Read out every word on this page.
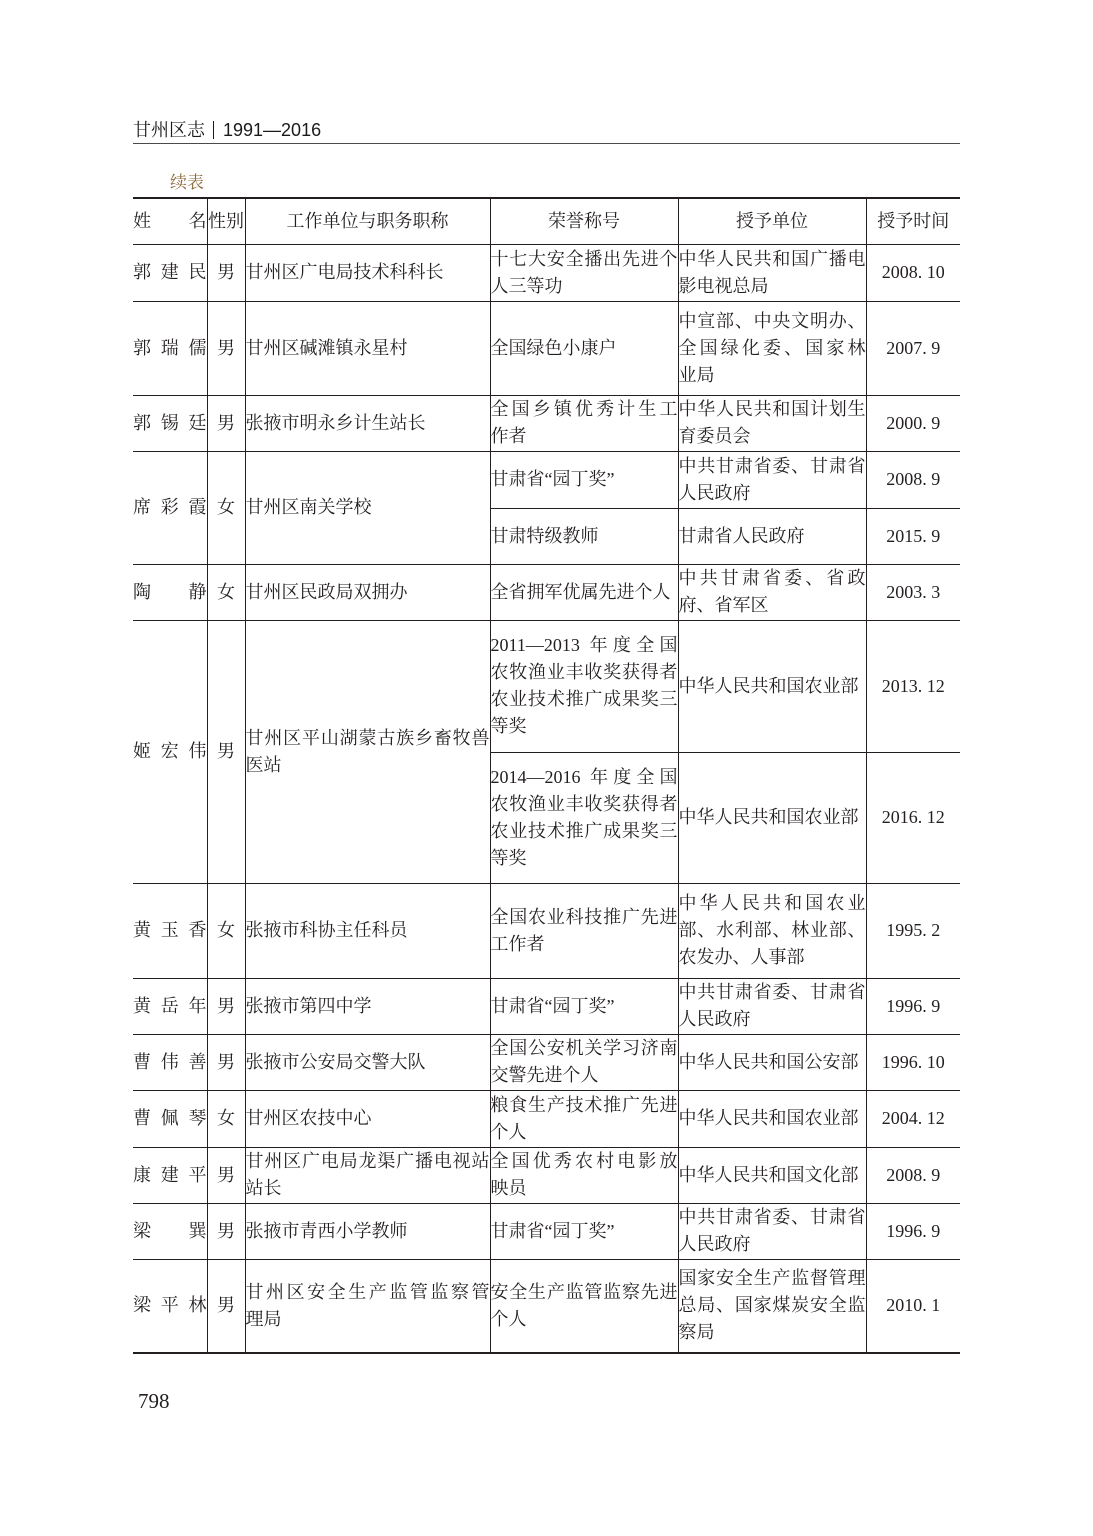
甘州区志 1991—2016
续表
姓 名	性别	工作单位与职务职称	荣誉称号	授予单位	授予时间
郭建民	男	甘州区广电局技术科科长	十七大安全播出先进个人三等功	中华人民共和国广播电影电视总局	2008. 10
郭瑞儒	男	甘州区碱滩镇永星村	全国绿色小康户	中宣部、中央文明办、全国绿化委、国家林业局	2007. 9
郭锡廷	男	张掖市明永乡计生站长	全国乡镇优秀计生工作者	中华人民共和国计划生育委员会	2000. 9
席彩霞	女	甘州区南关学校	甘肃省“园丁奖”	中共甘肃省委、甘肃省人民政府	2008. 9
			甘肃特级教师	甘肃省人民政府	2015. 9
陶 静	女	甘州区民政局双拥办	全省拥军优属先进个人	中共甘肃省委、省政府、省军区	2003. 3
姬宏伟	男	甘州区平山湖蒙古族乡畜牧兽医站	2011—2013 年度全国农牧渔业丰收奖获得者农业技术推广成果奖三等奖	中华人民共和国农业部	2013. 12
			2014—2016 年度全国农牧渔业丰收奖获得者农业技术推广成果奖三等奖	中华人民共和国农业部	2016. 12
黄玉香	女	张掖市科协主任科员	全国农业科技推广先进工作者	中华人民共和国农业部、水利部、林业部、农发办、人事部	1995. 2
黄岳年	男	张掖市第四中学	甘肃省“园丁奖”	中共甘肃省委、甘肃省人民政府	1996. 9
曹伟善	男	张掖市公安局交警大队	全国公安机关学习济南交警先进个人	中华人民共和国公安部	1996. 10
曹佩琴	女	甘州区农技中心	粮食生产技术推广先进个人	中华人民共和国农业部	2004. 12
康建平	男	甘州区广电局龙渠广播电视站站长	全国优秀农村电影放映员	中华人民共和国文化部	2008. 9
梁 巽	男	张掖市青西小学教师	甘肃省“园丁奖”	中共甘肃省委、甘肃省人民政府	1996. 9
梁平林	男	甘州区安全生产监管监察管理局	安全生产监管监察先进个人	国家安全生产监督管理总局、国家煤炭安全监察局	2010. 1
798
